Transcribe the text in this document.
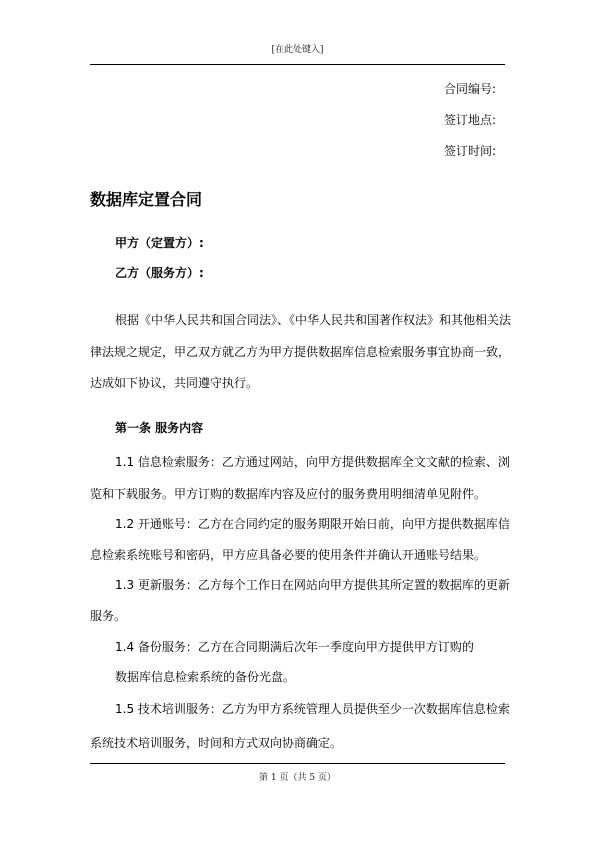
[在此处键入]
合同编号:
签订地点:
签订时间:
数据库定置合同
甲方（定置方）:
乙方（服务方）:
根据《中华人民共和国合同法》、《中华人民共和国著作权法》和其他相关法
律法规之规定，甲乙双方就乙方为甲方提供数据库信息检索服务事宜协商一致，
达成如下协议，共同遵守执行。
第一条 服务内容
1.1 信息检索服务：乙方通过网站，向甲方提供数据库全文文献的检索、浏
览和下载服务。甲方订购的数据库内容及应付的服务费用明细清单见附件。
1.2 开通账号：乙方在合同约定的服务期限开始日前，向甲方提供数据库信
息检索系统账号和密码，甲方应具备必要的使用条件并确认开通账号结果。
1.3 更新服务：乙方每个工作日在网站向甲方提供其所定置的数据库的更新
服务。
1.4 备份服务：乙方在合同期满后次年一季度向甲方提供甲方订购的
数据库信息检索系统的备份光盘。
1.5 技术培训服务：乙方为甲方系统管理人员提供至少一次数据库信息检索
系统技术培训服务，时间和方式双向协商确定。
第 1 页（共 5 页）
